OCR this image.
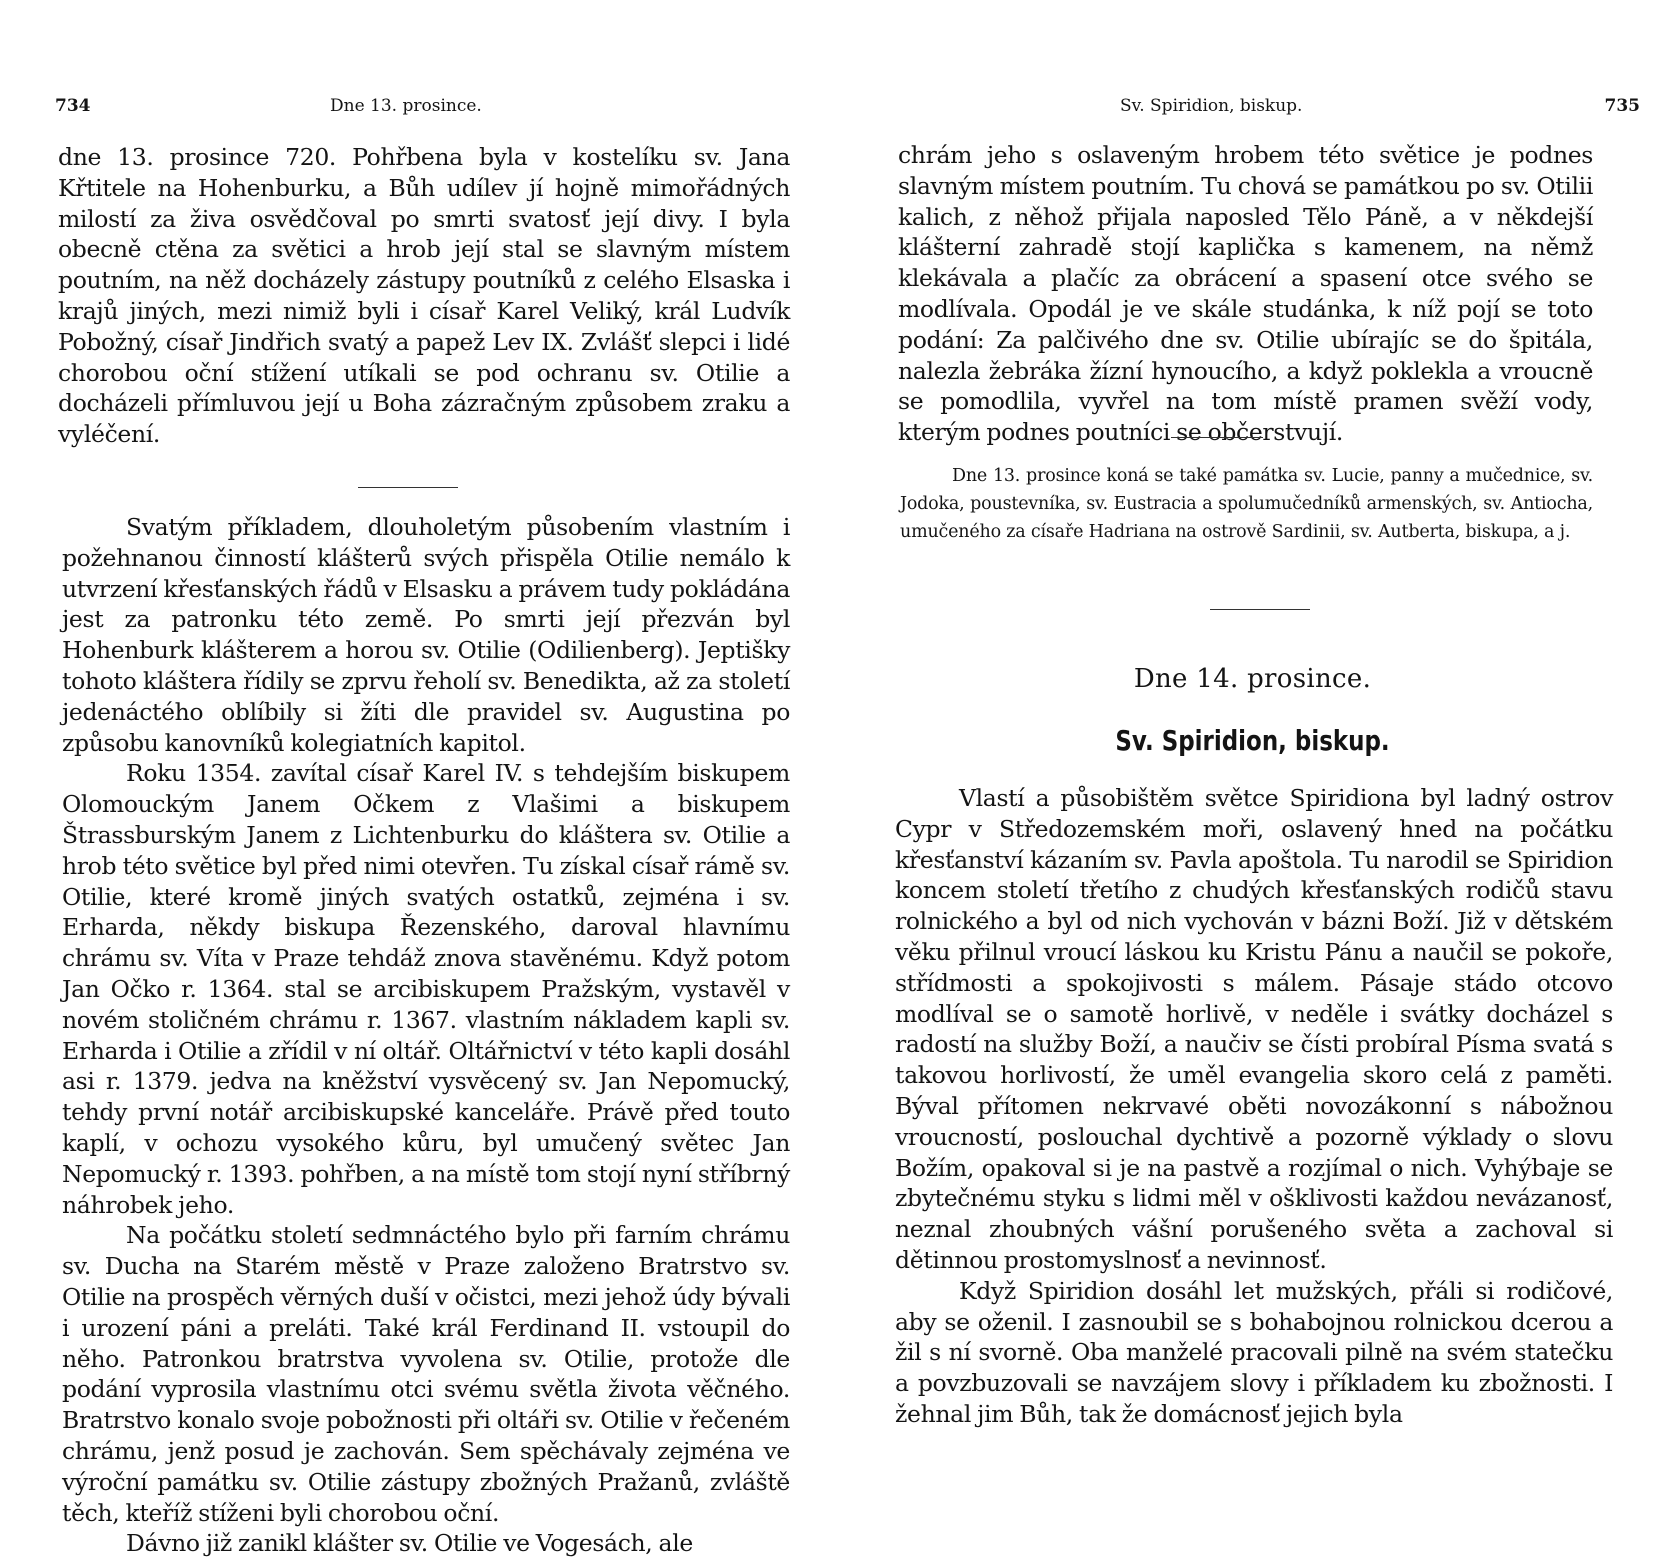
734	Dne 13. prosince.

dne 13. prosince 720. Pohřbena byla v kostelíku sv. Jana Křtitele na Hohenburku, a Bůh udílev jí hojně mimořádných milostí za živa osvědčoval po smrti svatosť její divy. I byla obecně ctěna za světici a hrob její stal se slavným místem poutním, na něž docházely zástupy poutníků z celého Elsaska i krajů jiných, mezi nimiž byli i císař Karel Veliký, král Ludvík Pobožný, císař Jindřich svatý a papež Lev IX. Zvlášť slepci i lidé chorobou oční stížení utíkali se pod ochranu sv. Otilie a docházeli přímluvou její u Boha zázračným způsobem zraku a vyléčení.

Svatým příkladem, dlouholetým působením vlastním i požehnanou činností klášterů svých přispěla Otilie nemálo k utvrzení křesťanských řádů v Elsasku a právem tudy pokládána jest za patronku této země. Po smrti její přezván byl Hohenburk klášterem a horou sv. Otilie (Odilienberg). Jeptišky tohoto kláštera řídily se zprvu řeholí sv. Benedikta, až za století jedenáctého oblíbily si žíti dle pravidel sv. Augustina po způsobu kanovníků kolegiatních kapitol.

Roku 1354. zavítal císař Karel IV. s tehdejším biskupem Olomouckým Janem Očkem z Vlašimi a biskupem Štrassburským Janem z Lichtenburku do kláštera sv. Otilie a hrob této světice byl před nimi otevřen. Tu získal císař rámě sv. Otilie, které kromě jiných svatých ostatků, zejména i sv. Erharda, někdy biskupa Řezenského, daroval hlavnímu chrámu sv. Víta v Praze tehdáž znova stavěnému. Když potom Jan Očko r. 1364. stal se arcibiskupem Pražským, vystavěl v novém stoličném chrámu r. 1367. vlastním nákladem kapli sv. Erharda i Otilie a zřídil v ní oltář. Oltářnictví v této kapli dosáhl asi r. 1379. jedva na kněžství vysvěcený sv. Jan Nepomucký, tehdy první notář arcibiskupské kanceláře. Právě před touto kaplí, v ochozu vysokého kůru, byl umučený světec Jan Nepomucký r. 1393. pohřben, a na místě tom stojí nyní stříbrný náhrobek jeho.

Na počátku století sedmnáctého bylo při farním chrámu sv. Ducha na Starém městě v Praze založeno Bratrstvo sv. Otilie na prospěch věrných duší v očistci, mezi jehož údy bývali i urození páni a preláti. Také král Ferdinand II. vstoupil do něho. Patronkou bratrstva vyvolena sv. Otilie, protože dle podání vyprosila vlastnímu otci svému světla života věčného. Bratrstvo konalo svoje pobožnosti při oltáři sv. Otilie v řečeném chrámu, jenž posud je zachován. Sem spěchávaly zejména ve výroční památku sv. Otilie zástupy zbožných Pražanů, zvláště těch, kteříž stíženi byli chorobou oční.

Dávno již zanikl klášter sv. Otilie ve Vogesách, ale

Sv. Spiridion, biskup.	735

chrám jeho s oslaveným hrobem této světice je podnes slavným místem poutním. Tu chová se památkou po sv. Otilii kalich, z něhož přijala naposled Tělo Páně, a v někdejší klášterní zahradě stojí kaplička s kamenem, na němž klekávala a plačíc za obrácení a spasení otce svého se modlívala. Opodál je ve skále studánka, k níž pojí se toto podání: Za palčivého dne sv. Otilie ubírajíc se do špitála, nalezla žebráka žízní hynoucího, a když pokleklа a vroucně se pomodlila, vyvřel na tom místě pramen svěží vody, kterým podnes poutníci se občerstvují.

Dne 13. prosince koná se také památka sv. Lucie, panny a mučednice, sv. Jodoka, poustevníka, sv. Eustracia a spolumučedníků armenských, sv. Antiocha, umučeného za císaře Hadriana na ostrově Sardinii, sv. Autberta, biskupa, a j.

Dne 14. prosince.
Sv. Spiridion, biskup.

Vlastí a působištěm světce Spiridiona byl ladný ostrov Cypr v Středozemském moři, oslavený hned na počátku křesťanství kázaním sv. Pavla apoštola. Tu narodil se Spiridion koncem století třetího z chudých křesťanských rodičů stavu rolnického a byl od nich vychován v bázni Boží. Již v dětském věku přilnul vroucí láskou ku Kristu Pánu a naučil se pokoře, střídmosti a spokojivosti s málem. Pásaje stádo otcovo modlíval se o samotě horlivě, v neděle i svátky docházel s radostí na služby Boží, a naučiv se čísti probíral Písma svatá s takovou horlivostí, že uměl evangelia skoro celá z paměti. Býval přítomen nekrvavé oběti novozákonní s nábožnou vroucností, poslouchal dychtivě a pozorně výklady o slovu Božím, opakoval si je na pastvě a rozjímal o nich. Vyhýbaje se zbytečnému styku s lidmi měl v ošklivosti každou nevázanosť, neznal zhoubných vášní porušeného světa a zachoval si dětinnou prostomyslnosť a nevinnosť.

Když Spiridion dosáhl let mužských, přáli si rodičové, aby se oženil. I zasnoubil se s bohabojnou rolnickou dcerou a žil s ní svorně. Oba manželé pracovali pilně na svém statečku a povzbuzovali se navzájem slovy i příkladem ku zbožnosti. I žehnal jim Bůh, tak že domácnosť jejich byla
